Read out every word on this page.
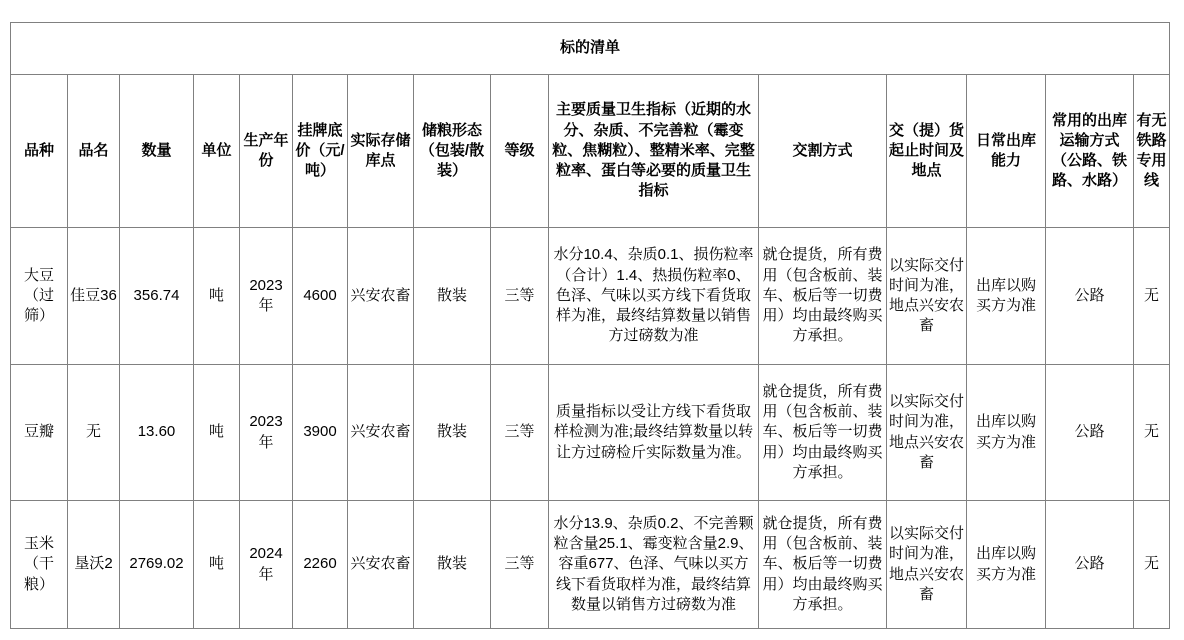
标的清单														
品种	品名	数量	单位	生产年份	挂牌底价（元/吨）	实际存储库点	储粮形态（包装/散装）	等级	主要质量卫生指标（近期的水分、杂质、不完善粒（霉变粒、焦糊粒）、整精米率、完整粒率、蛋白等必要的质量卫生指标	交割方式	交（提）货起止时间及地点	日常出库能力	常用的出库运输方式（公路、铁路、水路）	有无铁路专用线
大豆（过筛）	佳豆36	356.74	吨	2023年	4600	兴安农畜	散装	三等	水分10.4、杂质0.1、损伤粒率（合计）1.4、热损伤粒率0、色泽、气味以买方线下看货取样为准，最终结算数量以销售方过磅数为准	就仓提货，所有费用（包含板前、装车、板后等一切费用）均由最终购买方承担。	以实际交付时间为准，地点兴安农畜	出库以购买方为准	公路	无
豆瓣	无	13.60	吨	2023年	3900	兴安农畜	散装	三等	质量指标以受让方线下看货取样检测为准;最终结算数量以转让方过磅检斤实际数量为准。	就仓提货，所有费用（包含板前、装车、板后等一切费用）均由最终购买方承担。	以实际交付时间为准，地点兴安农畜	出库以购买方为准	公路	无
玉米（干粮）	垦沃2	2769.02	吨	2024年	2260	兴安农畜	散装	三等	水分13.9、杂质0.2、不完善颗粒含量25.1、霉变粒含量2.9、容重677、色泽、气味以买方线下看货取样为准，最终结算数量以销售方过磅数为准	就仓提货，所有费用（包含板前、装车、板后等一切费用）均由最终购买方承担。	以实际交付时间为准，地点兴安农畜	出库以购买方为准	公路	无
